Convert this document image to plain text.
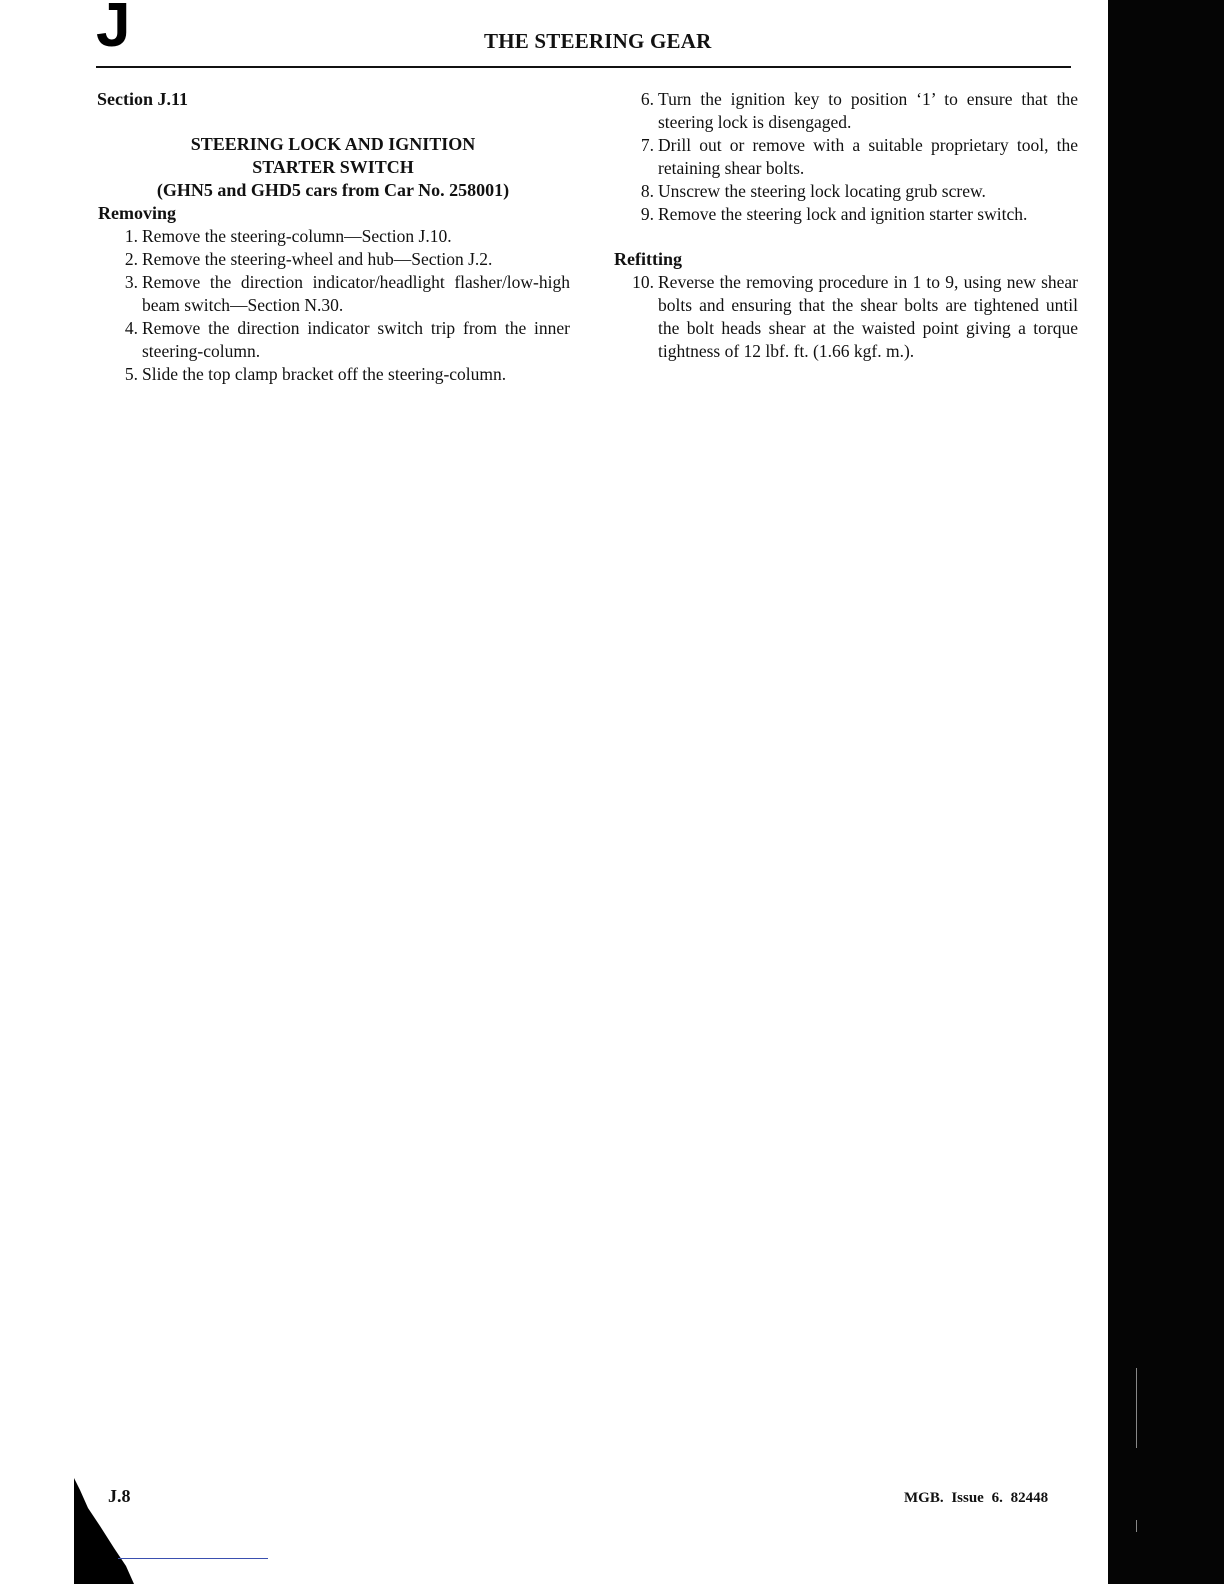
J	THE STEERING GEAR
Section J.11
STEERING LOCK AND IGNITION
STARTER SWITCH
(GHN5 and GHD5 cars from Car No. 258001)
Removing
1. Remove the steering-column—Section J.10.
2. Remove the steering-wheel and hub—Section J.2.
3. Remove the direction indicator/headlight flasher/low-high beam switch—Section N.30.
4. Remove the direction indicator switch trip from the inner steering-column.
5. Slide the top clamp bracket off the steering-column.
6. Turn the ignition key to position ‘1’ to ensure that the steering lock is disengaged.
7. Drill out or remove with a suitable proprietary tool, the retaining shear bolts.
8. Unscrew the steering lock locating grub screw.
9. Remove the steering lock and ignition starter switch.
Refitting
10. Reverse the removing procedure in 1 to 9, using new shear bolts and ensuring that the shear bolts are tightened until the bolt heads shear at the waisted point giving a torque tightness of 12 lbf. ft. (1.66 kgf. m.).
J.8	MGB. Issue 6. 82448
